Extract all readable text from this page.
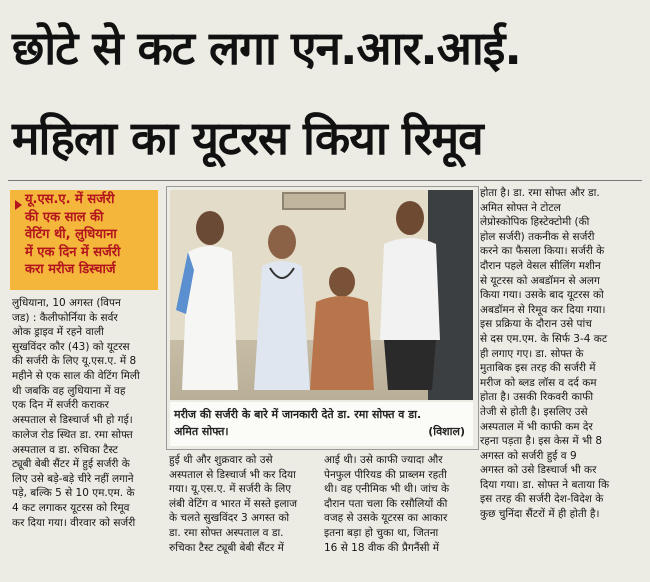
छोटे से कट लगा एन.आर.आई.
महिला का यूटरस किया रिमूव
यू.एस.ए. में सर्जरी
की एक साल की
वेटिंग थी, लुधियाना
में एक दिन में सर्जरी
करा मरीज डिस्चार्ज
मरीज की सर्जरी के बारे में जानकारी देते डा. रमा सोफ्त व डा.
अमित सोफ्त।	(विशाल)
लुधियाना, 10 अगस्त (विपन
जड) : कैलीफोर्निया के सर्वर
ओक ड्राइव में रहने वाली
सुखविंदर कौर (43) को यूटरस
की सर्जरी के लिए यू.एस.ए. में 8
महीने से एक साल की वेटिंग मिली
थी जबकि वह लुधियाना में वह
एक दिन में सर्जरी कराकर
अस्पताल से डिस्चार्ज भी हो गई।
कालेज रोड स्थित डा. रमा सोफ्त
अस्पताल व डा. रुचिका टैस्ट
ट्यूबी बेबी सैंटर में हुई सर्जरी के
लिए उसे बड़े-बड़े चीरे नहीं लगाने
पड़े, बल्कि 5 से 10 एम.एम. के
4 कट लगाकर यूटरस को रिमूव
कर दिया गया। वीरवार को सर्जरी
हुई थी और शुक्रवार को उसे
अस्पताल से डिस्चार्ज भी कर दिया
गया। यू.एस.ए. में सर्जरी के लिए
लंबी वेटिंग व भारत में सस्ते इलाज
के चलते सुखविंदर 3 अगस्त को
डा. रमा सोफ्त अस्पताल व डा.
रुचिका टैस्ट ट्यूबी बेबी सैंटर में
आई थी। उसे काफी ज्यादा और
पेनफुल पीरियड की प्राब्लम रहती
थी। वह एनीमिक भी थी। जांच के
दौरान पता चला कि रसौलियों की
वजह से उसके यूटरस का आकार
इतना बड़ा हो चुका था, जितना
16 से 18 वीक की प्रैगनैंसी में
होता है। डा. रमा सोफ्त और डा.
अमित सोफ्त ने टोटल
लेप्रोस्कोपिक हिस्टेक्टोमी (की
होल सर्जरी) तकनीक से सर्जरी
करने का फैसला किया। सर्जरी के
दौरान पहले वेसल सीलिंग मशीन
से यूटरस को अबडॉमन से अलग
किया गया। उसके बाद यूटरस को
अबडॉमन से रिमूव कर दिया गया।
इस प्रक्रिया के दौरान उसे पांच
से दस एम.एम. के सिर्फ 3-4 कट
ही लगाए गए। डा. सोफ्त के
मुताबिक इस तरह की सर्जरी में
मरीज को ब्लड लॉस व दर्द कम
होता है। उसकी रिकवरी काफी
तेजी से होती है। इसलिए उसे
अस्पताल में भी काफी कम देर
रहना पड़ता है। इस केस में भी 8
अगस्त को सर्जरी हुई व 9
अगस्त को उसे डिस्चार्ज भी कर
दिया गया। डा. सोफ्त ने बताया कि
इस तरह की सर्जरी देश-विदेश के
कुछ चुनिंदा सैंटरों में ही होती है।
